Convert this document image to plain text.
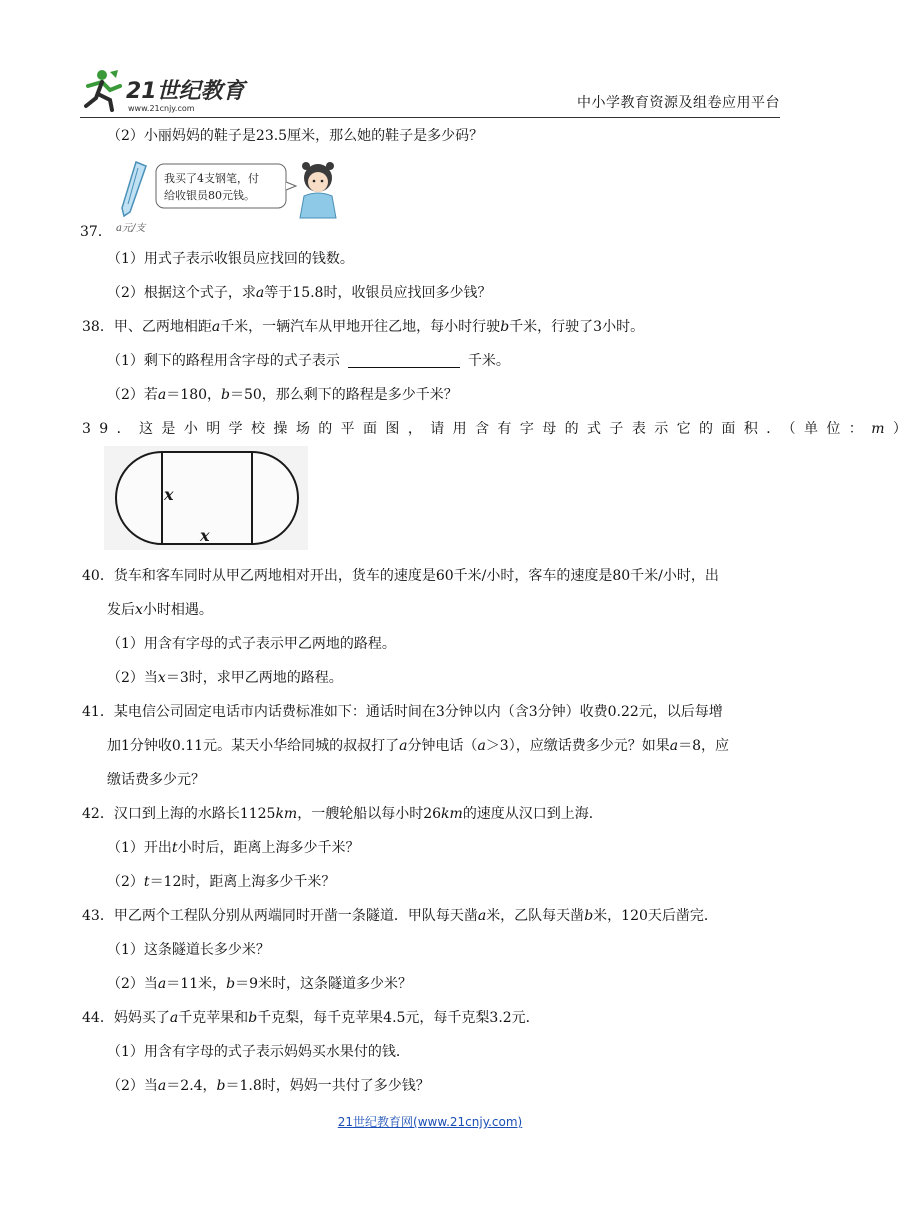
21世纪教育
www.21cnjy.com	中小学教育资源及组卷应用平台
（2）小丽妈妈的鞋子是23.5厘米，那么她的鞋子是多少码？
我买了4支钢笔，付
给收银员80元钱。
37． a元/支
（1）用式子表示收银员应找回的钱数。
（2）根据这个式子，求a等于15.8时，收银员应找回多少钱？
38．甲、乙两地相距a千米，一辆汽车从甲地开往乙地，每小时行驶b千米，行驶了3小时。
（1）剩下的路程用含字母的式子表示	千米。
（2）若a＝180，b＝50，那么剩下的路程是多少千米？
39．这是小明学校操场的平面图，请用含有字母的式子表示它的面积．（单位：m）
x
x
40．货车和客车同时从甲乙两地相对开出，货车的速度是60千米/小时，客车的速度是80千米/小时，出
发后x小时相遇。
（1）用含有字母的式子表示甲乙两地的路程。
（2）当x＝3时，求甲乙两地的路程。
41．某电信公司固定电话市内话费标准如下：通话时间在3分钟以内（含3分钟）收费0.22元，以后每增
加1分钟收0.11元。某天小华给同城的叔叔打了a分钟电话（a＞3），应缴话费多少元？如果a＝8，应
缴话费多少元？
42．汉口到上海的水路长1125km，一艘轮船以每小时26km的速度从汉口到上海．
（1）开出t小时后，距离上海多少千米？
（2）t＝12时，距离上海多少千米？
43．甲乙两个工程队分别从两端同时开凿一条隧道．甲队每天凿a米，乙队每天凿b米，120天后凿完．
（1）这条隧道长多少米？
（2）当a＝11米，b＝9米时，这条隧道多少米？
44．妈妈买了a千克苹果和b千克梨，每千克苹果4.5元，每千克梨3.2元．
（1）用含有字母的式子表示妈妈买水果付的钱．
（2）当a＝2.4，b＝1.8时，妈妈一共付了多少钱？
21世纪教育网(www.21cnjy.com)
